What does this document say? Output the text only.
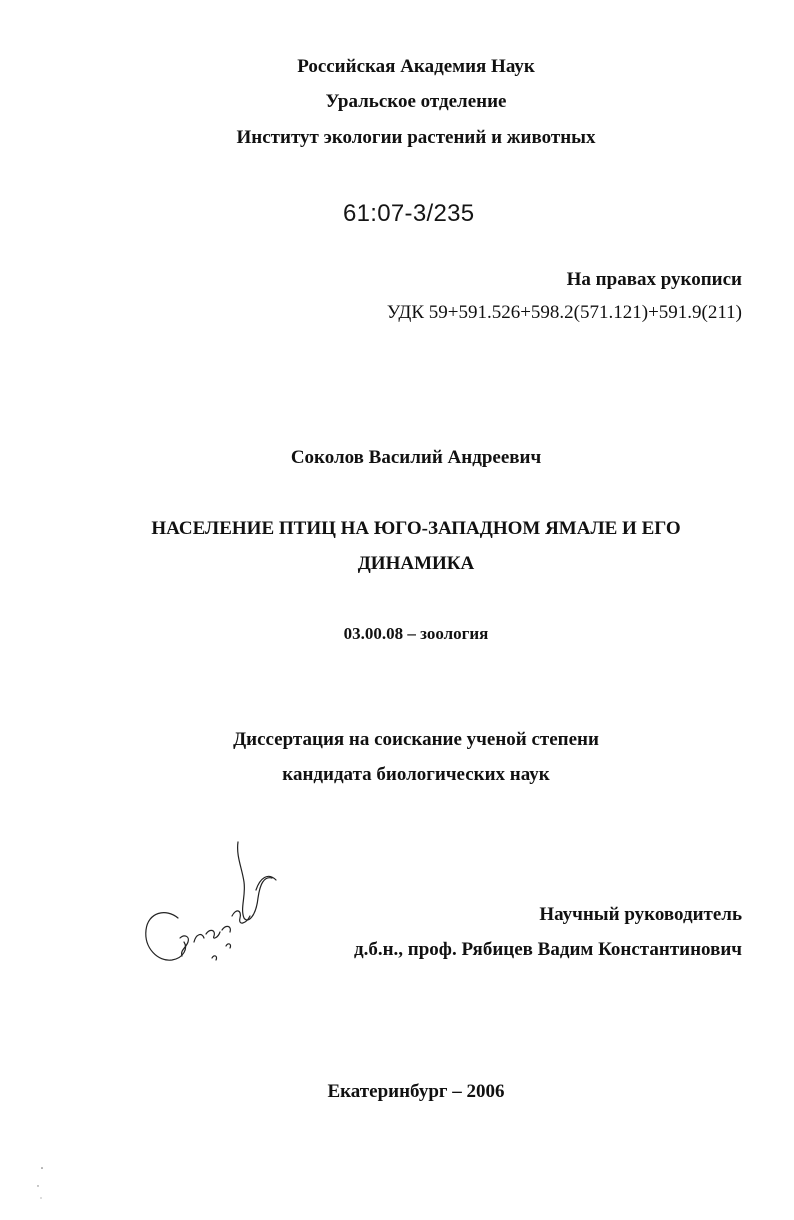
Российская Академия Наук
Уральское отделение
Институт экологии растений и животных
61:07-3/235
На правах рукописи
УДК 59+591.526+598.2(571.121)+591.9(211)
Соколов Василий Андреевич
НАСЕЛЕНИЕ ПТИЦ НА ЮГО-ЗАПАДНОМ ЯМАЛЕ И ЕГО
ДИНАМИКА
03.00.08 – зоология
Диссертация на соискание ученой степени
кандидата биологических наук
Научный руководитель
д.б.н., проф. Рябицев Вадим Константинович
Екатеринбург – 2006
